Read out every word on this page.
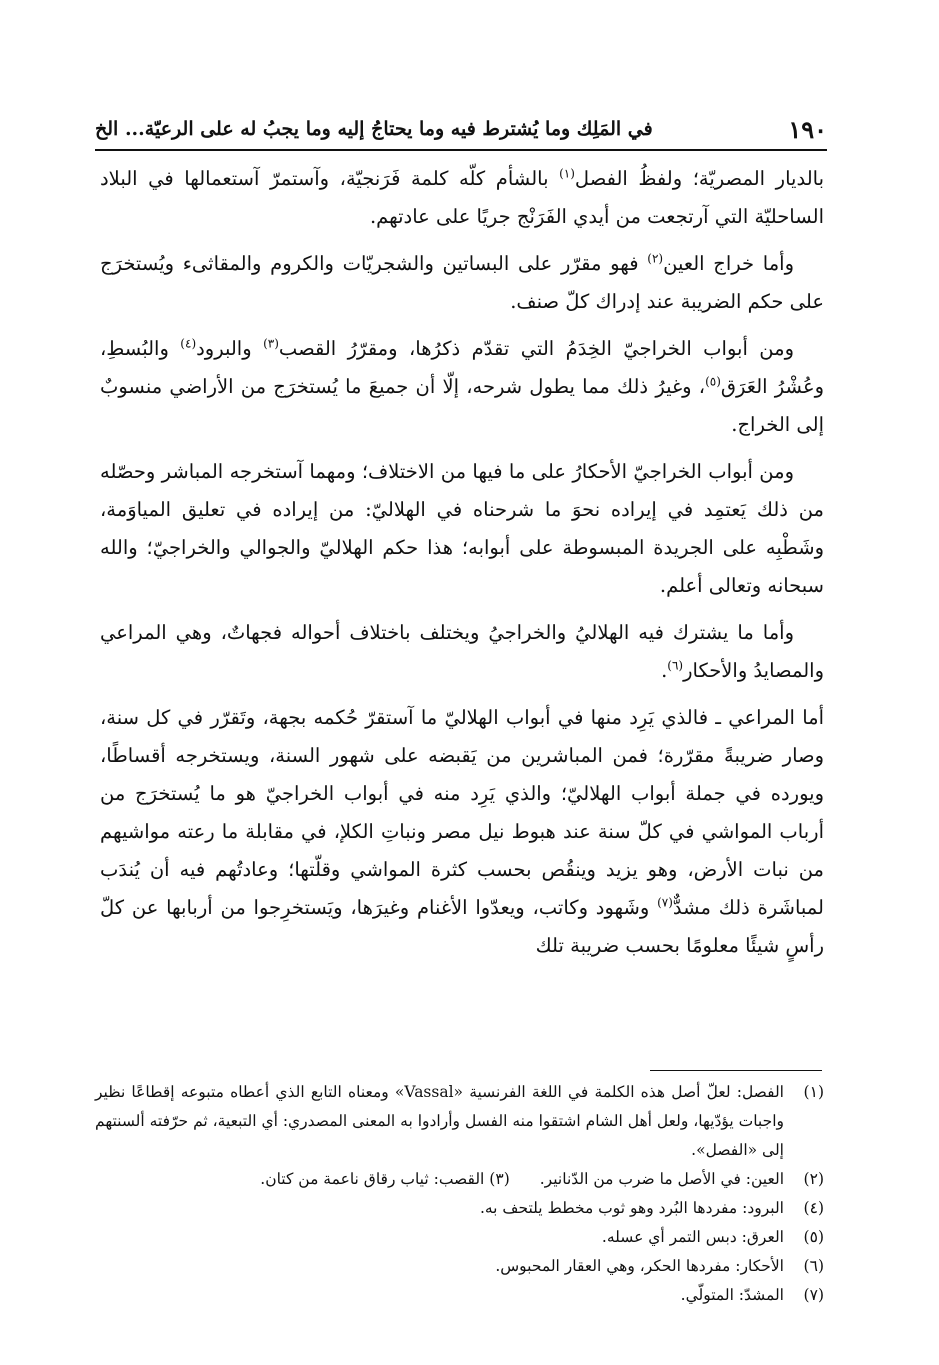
١٩٠
في المَلِك وما يُشترط فيه وما يحتاجُ إليه وما يجبُ له على الرعيّة... الخ

بالديار المصريّة؛ ولفظُ الفصل$^{(١)}$ بالشأم كلّه كلمة فَرَنجيّة، وآستمرّ آستعمالها في البلاد الساحليّة التي آرتجعت من أيدي الفَرَنْج جريًا على عادتهم.

وأما خراج العين$^{(٢)}$ فهو مقرّر على البساتين والشجريّات والكروم والمقاثىء ويُستخرَج على حكم الضريبة عند إدراك كلّ صنف.

ومن أبواب الخراجيّ الخِدَمُ التي تقدّم ذكرُها، ومقرّرُ القصب$^{(٣)}$ والبرود$^{(٤)}$ والبُسطِ، وعُشْرُ العَرَق$^{(٥)}$، وغيرُ ذلك مما يطول شرحه، إلّا أن جميعَ ما يُستخرَج من الأراضي منسوبٌ إلى الخراج.

ومن أبواب الخراجيّ الأحكارُ على ما فيها من الاختلاف؛ ومهما آستخرجه المباشر وحصّله من ذلك يَعتمِد في إيراده نحوَ ما شرحناه في الهلاليّ: من إيراده في تعليق المياوَمة، وشَطْبِه على الجريدة المبسوطة على أبوابه؛ هذا حكم الهلاليّ والجوالي والخراجيّ؛ والله سبحانه وتعالى أعلم.

وأما ما يشترك فيه الهلاليُ والخراجيُ ويختلف باختلاف أحواله فجهاتٌ، وهي المراعي والمصايدُ والأحكار$^{(٦)}$.

أما المراعي ـ فالذي يَرِد منها في أبواب الهلاليّ ما آستقرّ حُكمه بجهة، وتَقرّر في كل سنة، وصار ضريبةً مقرّرة؛ فمن المباشرين من يَقبضه على شهور السنة، ويستخرجه أقساطًا، ويورده في جملة أبواب الهلاليّ؛ والذي يَرِد منه في أبواب الخراجيّ هو ما يُستخرَج من أرباب المواشي في كلّ سنة عند هبوط نيل مصر ونباتِ الكلإ، في مقابلة ما رعته مواشيهم من نبات الأرض، وهو يزيد وينقُص بحسب كثرة المواشي وقلّتها؛ وعادتُهم فيه أن يُندَب لمباشَرة ذلك مشدٌّ$^{(٧)}$ وشَهود وكاتب، ويعدّوا الأغنام وغيرَها، ويَستخرِجوا من أربابها عن كلّ رأسٍ شيئًا معلومًا بحسب ضريبة تلك

(١)
الفصل: لعلّ أصل هذه الكلمة في اللغة الفرنسية «Vassal» ومعناه التابع الذي أعطاه متبوعه إقطاعًا نظير واجبات يؤدّيها، ولعل أهل الشام اشتقوا منه الفسل وأرادوا به المعنى المصدري: أي التبعية، ثم حرّفته ألسنتهم إلى «الفصل».
(٢)
العين: في الأصل ما ضرب من الدّنانير.(٣) القصب: ثياب رقاق ناعمة من كتان.
(٤)
البرود: مفردها البُرد وهو ثوب مخطط يلتحف به.
(٥)
العرق: دبس التمر أي عسله.
(٦)
الأحكار: مفردها الحكر، وهي العقار المحبوس.
(٧)
المشدّ: المتولّي.
